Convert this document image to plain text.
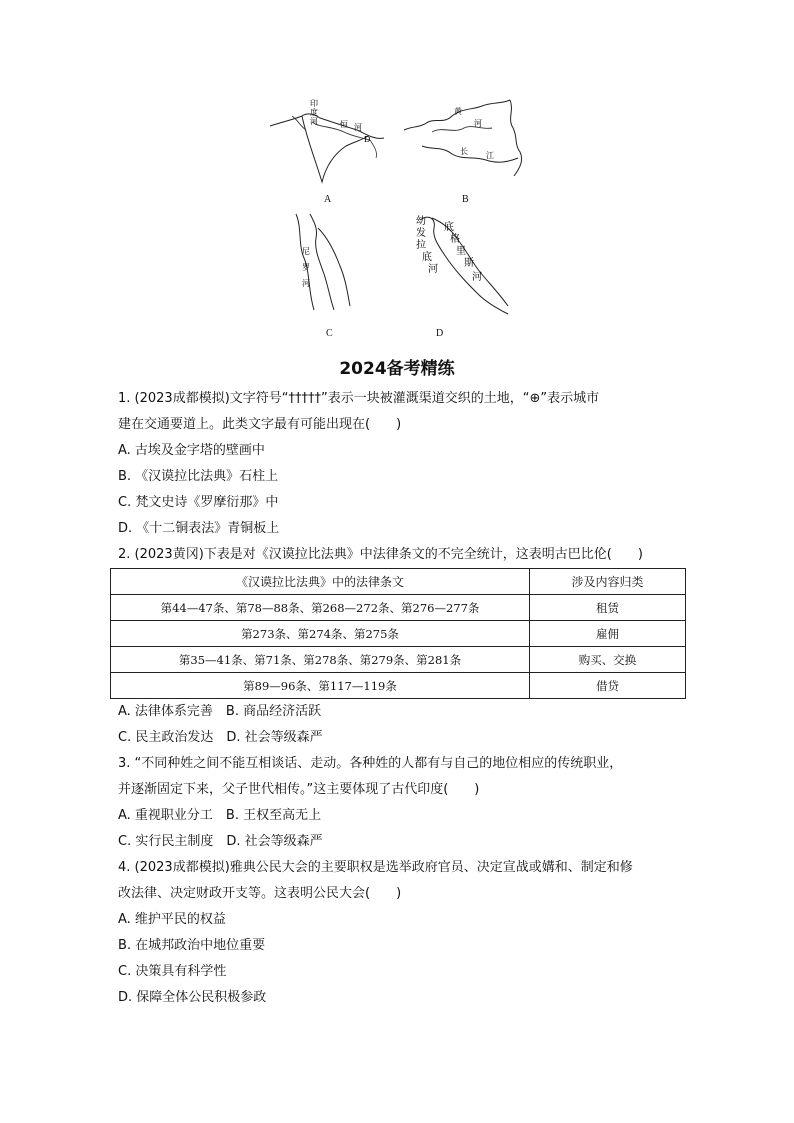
印
度
河	恒 河
D
A
黄
河
长 江
B
尼
罗
河
C
幼
发
拉
底
河
底
格
里
斯
河
D
2024备考精练
1. (2023成都模拟)文字符号“†††††”表示一块被灌溉渠道交织的土地，“⊕”表示城市
建在交通要道上。此类文字最有可能出现在(　　)
A. 古埃及金字塔的壁画中
B. 《汉谟拉比法典》石柱上
C. 梵文史诗《罗摩衍那》中
D. 《十二铜表法》青铜板上
2. (2023黄冈)下表是对《汉谟拉比法典》中法律条文的不完全统计，这表明古巴比伦(　　)
《汉谟拉比法典》中的法律条文	涉及内容归类
第44—47条、第78—88条、第268—272条、第276—277条	租赁
第273条、第274条、第275条	雇佣
第35—41条、第71条、第278条、第279条、第281条	购买、交换
第89—96条、第117—119条	借贷
A. 法律体系完善　B. 商品经济活跃
C. 民主政治发达　D. 社会等级森严
3. “不同种姓之间不能互相谈话、走动。各种姓的人都有与自己的地位相应的传统职业，
并逐渐固定下来，父子世代相传。”这主要体现了古代印度(　　)
A. 重视职业分工　B. 王权至高无上
C. 实行民主制度　D. 社会等级森严
4. (2023成都模拟)雅典公民大会的主要职权是选举政府官员、决定宣战或媾和、制定和修
改法律、决定财政开支等。这表明公民大会(　　)
A. 维护平民的权益
B. 在城邦政治中地位重要
C. 决策具有科学性
D. 保障全体公民积极参政
